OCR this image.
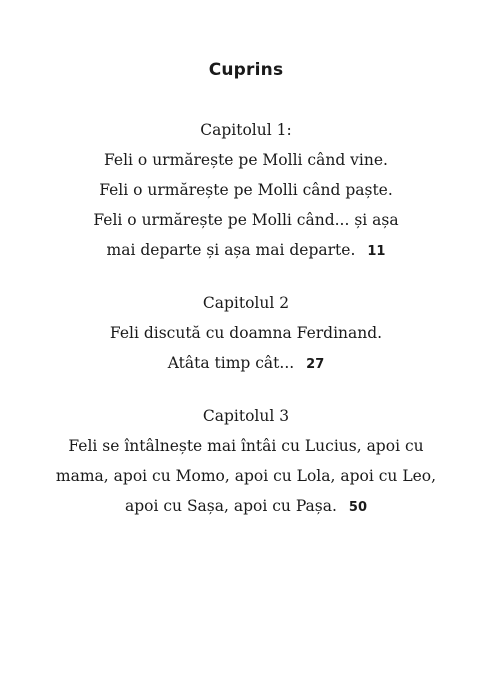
Cuprins
Capitolul 1:
Feli o urmărește pe Molli când vine.
Feli o urmărește pe Molli când paște.
Feli o urmărește pe Molli când... și așa
mai departe și așa mai departe. 11
Capitolul 2
Feli discută cu doamna Ferdinand.
Atâta timp cât... 27
Capitolul 3
Feli se întâlnește mai întâi cu Lucius, apoi cu
mama, apoi cu Momo, apoi cu Lola, apoi cu Leo,
apoi cu Sașa, apoi cu Pașa. 50
